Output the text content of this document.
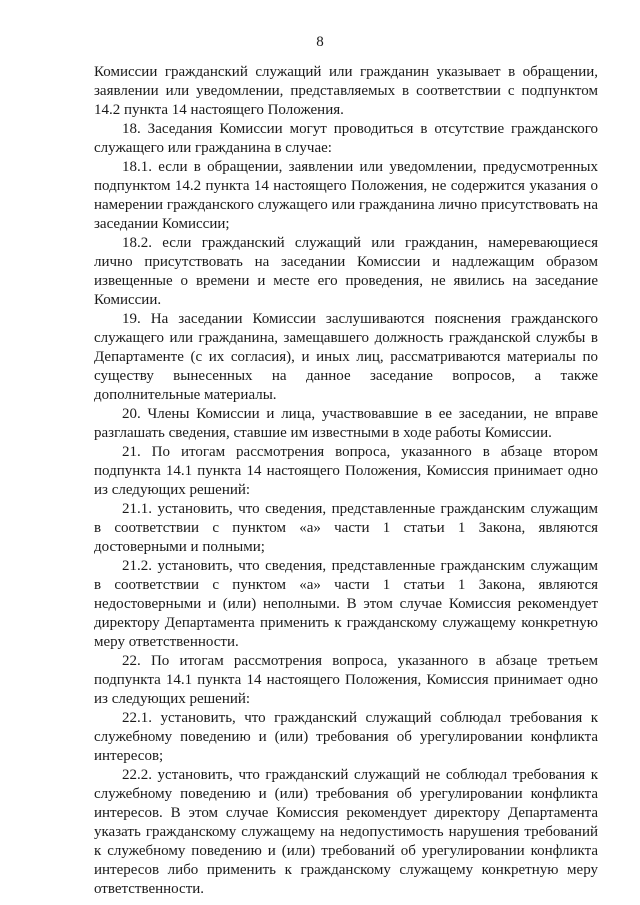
8

Комиссии гражданский служащий или гражданин указывает в обращении, заявлении или уведомлении, представляемых в соответствии с подпунктом 14.2 пункта 14 настоящего Положения.

18. Заседания Комиссии могут проводиться в отсутствие гражданского служащего или гражданина в случае:

18.1. если в обращении, заявлении или уведомлении, предусмотренных подпунктом 14.2 пункта 14 настоящего Положения, не содержится указания о намерении гражданского служащего или гражданина лично присутствовать на заседании Комиссии;

18.2. если гражданский служащий или гражданин, намеревающиеся лично присутствовать на заседании Комиссии и надлежащим образом извещенные о времени и месте его проведения, не явились на заседание Комиссии.

19. На заседании Комиссии заслушиваются пояснения гражданского служащего или гражданина, замещавшего должность гражданской службы в Департаменте (с их согласия), и иных лиц, рассматриваются материалы по существу вынесенных на данное заседание вопросов, а также дополнительные материалы.

20. Члены Комиссии и лица, участвовавшие в ее заседании, не вправе разглашать сведения, ставшие им известными в ходе работы Комиссии.

21. По итогам рассмотрения вопроса, указанного в абзаце втором подпункта 14.1 пункта 14 настоящего Положения, Комиссия принимает одно из следующих решений:

21.1. установить, что сведения, представленные гражданским служащим в соответствии с пунктом «а» части 1 статьи 1 Закона, являются достоверными и полными;

21.2. установить, что сведения, представленные гражданским служащим в соответствии с пунктом «а» части 1 статьи 1 Закона, являются недостоверными и (или) неполными. В этом случае Комиссия рекомендует директору Департамента применить к гражданскому служащему конкретную меру ответственности.

22. По итогам рассмотрения вопроса, указанного в абзаце третьем подпункта 14.1 пункта 14 настоящего Положения, Комиссия принимает одно из следующих решений:

22.1. установить, что гражданский служащий соблюдал требования к служебному поведению и (или) требования об урегулировании конфликта интересов;

22.2. установить, что гражданский служащий не соблюдал требования к служебному поведению и (или) требования об урегулировании конфликта интересов. В этом случае Комиссия рекомендует директору Департамента указать гражданскому служащему на недопустимость нарушения требований к служебному поведению и (или) требований об урегулировании конфликта интересов либо применить к гражданскому служащему конкретную меру ответственности.
